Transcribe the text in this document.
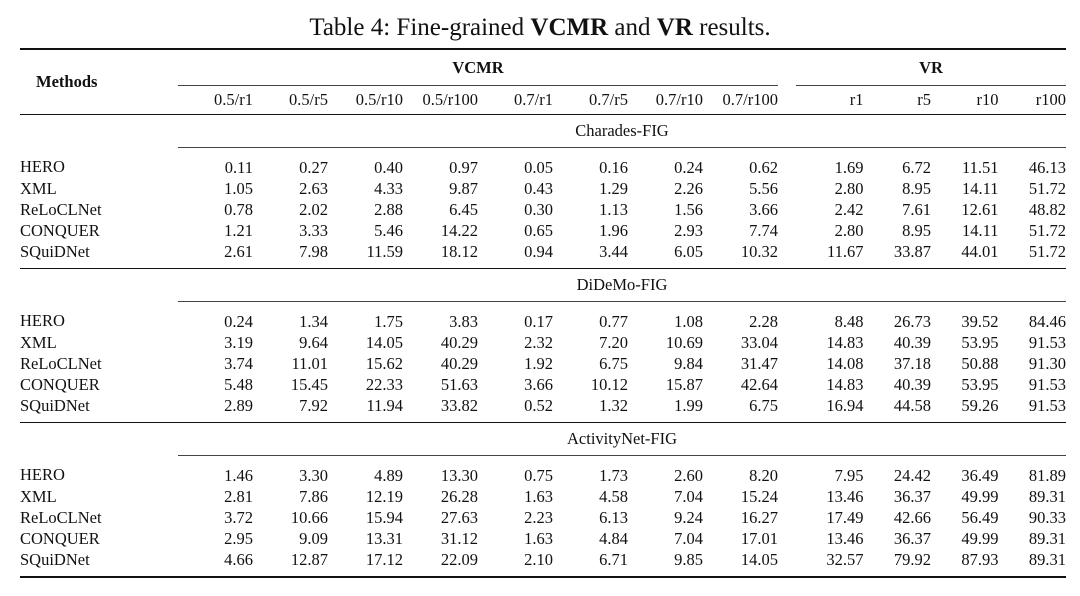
Table 4: Fine-grained VCMR and VR results.
Methods	VCMR									VR			
	0.5/r1	0.5/r5	0.5/r10	0.5/r100	0.7/r1	0.7/r5	0.7/r10	0.7/r100		r1	r5	r10	r100
	Charades-FIG												
HERO	0.11	0.27	0.40	0.97	0.05	0.16	0.24	0.62		1.69	6.72	11.51	46.13
XML	1.05	2.63	4.33	9.87	0.43	1.29	2.26	5.56		2.80	8.95	14.11	51.72
ReLoCLNet	0.78	2.02	2.88	6.45	0.30	1.13	1.56	3.66		2.42	7.61	12.61	48.82
CONQUER	1.21	3.33	5.46	14.22	0.65	1.96	2.93	7.74		2.80	8.95	14.11	51.72
SQuiDNet	2.61	7.98	11.59	18.12	0.94	3.44	6.05	10.32		11.67	33.87	44.01	51.72
	DiDeMo-FIG												
HERO	0.24	1.34	1.75	3.83	0.17	0.77	1.08	2.28		8.48	26.73	39.52	84.46
XML	3.19	9.64	14.05	40.29	2.32	7.20	10.69	33.04		14.83	40.39	53.95	91.53
ReLoCLNet	3.74	11.01	15.62	40.29	1.92	6.75	9.84	31.47		14.08	37.18	50.88	91.30
CONQUER	5.48	15.45	22.33	51.63	3.66	10.12	15.87	42.64		14.83	40.39	53.95	91.53
SQuiDNet	2.89	7.92	11.94	33.82	0.52	1.32	1.99	6.75		16.94	44.58	59.26	91.53
	ActivityNet-FIG												
HERO	1.46	3.30	4.89	13.30	0.75	1.73	2.60	8.20		7.95	24.42	36.49	81.89
XML	2.81	7.86	12.19	26.28	1.63	4.58	7.04	15.24		13.46	36.37	49.99	89.31
ReLoCLNet	3.72	10.66	15.94	27.63	2.23	6.13	9.24	16.27		17.49	42.66	56.49	90.33
CONQUER	2.95	9.09	13.31	31.12	1.63	4.84	7.04	17.01		13.46	36.37	49.99	89.31
SQuiDNet	4.66	12.87	17.12	22.09	2.10	6.71	9.85	14.05		32.57	79.92	87.93	89.31
